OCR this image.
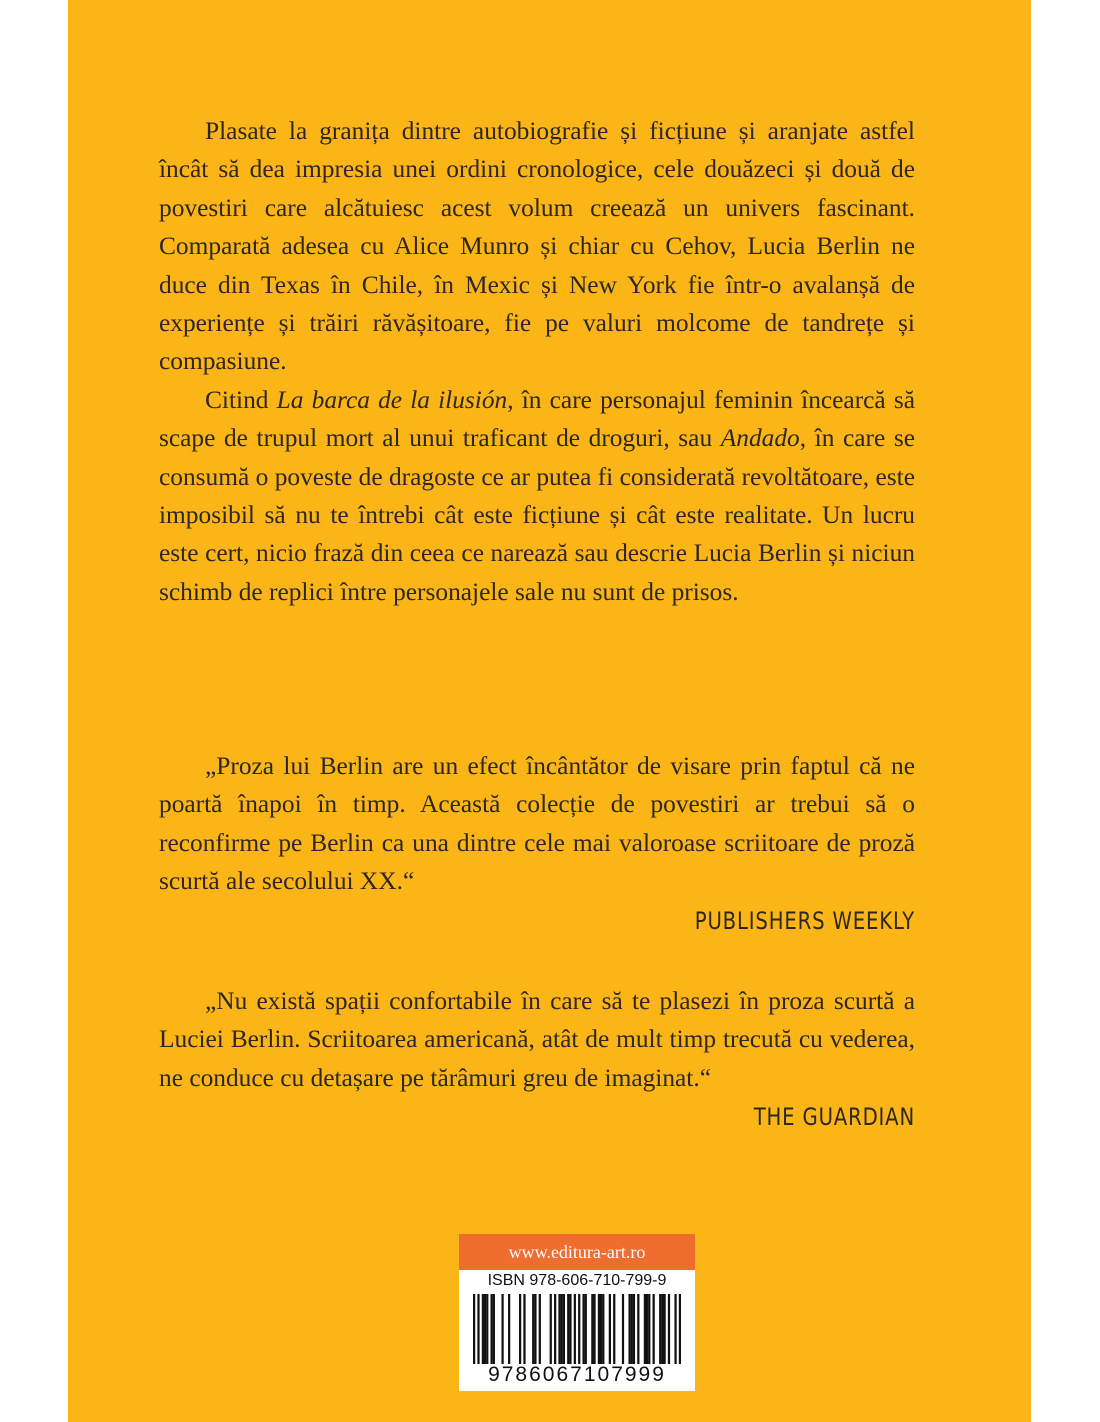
Plasate la granița dintre autobiografie și ficțiune și aranjate astfel încât să dea impresia unei ordini cronologice, cele douăzeci și două de povestiri care alcătuiesc acest volum creează un univers fascinant. Comparată adesea cu Alice Munro și chiar cu Cehov, Lucia Berlin ne duce din Texas în Chile, în Mexic și New York fie într-o avalanșă de experiențe și trăiri răvășitoare, fie pe valuri molcome de tandrețe și compasiune.

Citind La barca de la ilusión, în care personajul feminin încearcă să scape de trupul mort al unui traficant de droguri, sau Andado, în care se consumă o poveste de dragoste ce ar putea fi considerată revoltătoare, este imposibil să nu te întrebi cât este ficțiune și cât este realitate. Un lucru este cert, nicio frază din ceea ce narează sau descrie Lucia Berlin și niciun schimb de replici între personajele sale nu sunt de prisos.

„Proza lui Berlin are un efect încântător de visare prin faptul că ne poartă înapoi în timp. Această colecție de povestiri ar trebui să o reconfirme pe Berlin ca una dintre cele mai valoroase scriitoare de proză scurtă ale secolului XX.“

PUBLISHERS WEEKLY

„Nu există spații confortabile în care să te plasezi în proza scurtă a Luciei Berlin. Scriitoarea americană, atât de mult timp trecută cu vederea, ne conduce cu detașare pe tărâmuri greu de imaginat.“

THE GUARDIAN
www.editura-art.ro
ISBN 978-606-710-799-9
9786067107999
